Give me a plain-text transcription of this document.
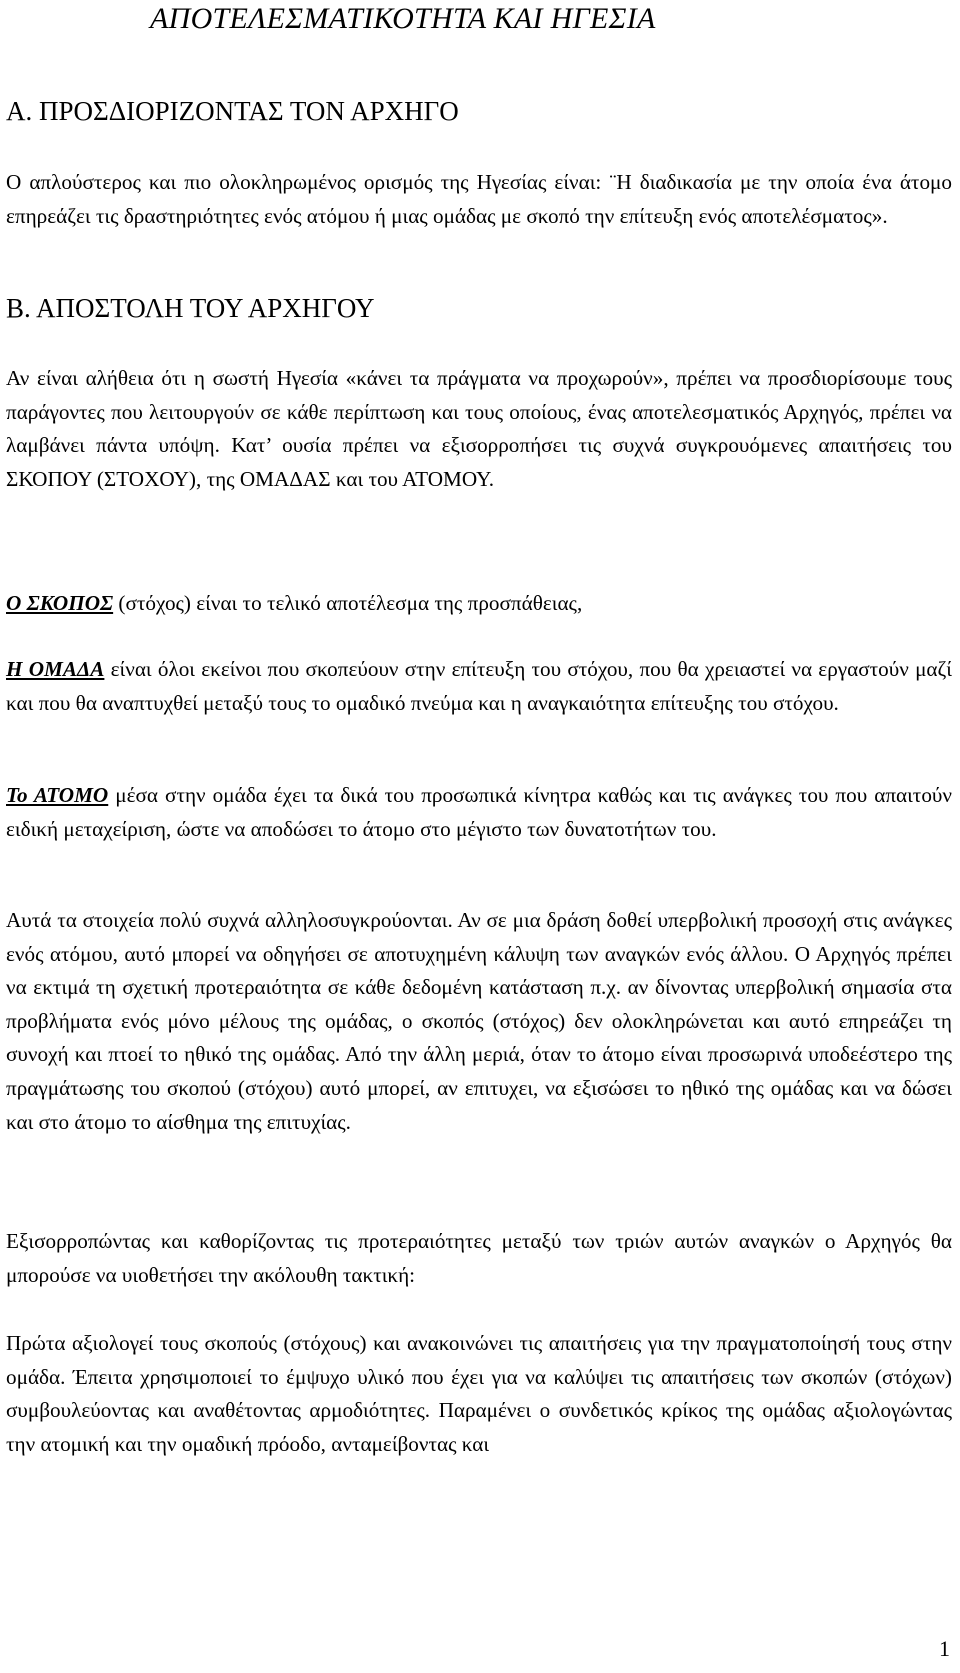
ΑΠΟΤΕΛΕΣΜΑΤΙΚΟΤΗΤΑ ΚΑΙ ΗΓΕΣΙΑ
Α. ΠΡΟΣΔΙΟΡΙΖΟΝΤΑΣ ΤΟΝ ΑΡΧΗΓΟ

Ο απλούστερος και πιο ολοκληρωμένος ορισμός της Ηγεσίας είναι: ¨Η διαδικασία με την οποία ένα άτομο επηρεάζει τις δραστηριότητες ενός ατόμου ή μιας ομάδας με σκοπό την επίτευξη ενός αποτελέσματος».

Β. ΑΠΟΣΤΟΛΗ ΤΟΥ ΑΡΧΗΓΟΥ

Αν είναι αλήθεια ότι η σωστή Ηγεσία «κάνει τα πράγματα να προχωρούν», πρέπει να προσδιορίσουμε τους παράγοντες που λειτουργούν σε κάθε περίπτωση και τους οποίους, ένας αποτελεσματικός Αρχηγός, πρέπει να λαμβάνει πάντα υπόψη. Κατ’ ουσία πρέπει να εξισορροπήσει τις συχνά συγκρουόμενες απαιτήσεις του ΣΚΟΠΟΥ (ΣΤΟΧΟΥ), της ΟΜΑΔΑΣ και του ΑΤΟΜΟΥ.

Ο ΣΚΟΠΟΣ (στόχος) είναι το τελικό αποτέλεσμα της προσπάθειας,

Η ΟΜΑΔΑ είναι όλοι εκείνοι που σκοπεύουν στην επίτευξη του στόχου, που θα χρειαστεί να εργαστούν μαζί και που θα αναπτυχθεί μεταξύ τους το ομαδικό πνεύμα και η αναγκαιότητα επίτευξης του στόχου.

Το ΑΤΟΜΟ μέσα στην ομάδα έχει τα δικά του προσωπικά κίνητρα καθώς και τις ανάγκες του που απαιτούν ειδική μεταχείριση, ώστε να αποδώσει το άτομο στο μέγιστο των δυνατοτήτων του.

Αυτά τα στοιχεία πολύ συχνά αλληλοσυγκρούονται. Αν σε μια δράση δοθεί υπερβολική προσοχή στις ανάγκες ενός ατόμου, αυτό μπορεί να οδηγήσει σε αποτυχημένη κάλυψη των αναγκών ενός άλλου. Ο Αρχηγός πρέπει να εκτιμά τη σχετική προτεραιότητα σε κάθε δεδομένη κατάσταση π.χ. αν δίνοντας υπερβολική σημασία στα προβλήματα ενός μόνο μέλους της ομάδας, ο σκοπός (στόχος) δεν ολοκληρώνεται και αυτό επηρεάζει τη συνοχή και πτοεί το ηθικό της ομάδας. Από την άλλη μεριά, όταν το άτομο είναι προσωρινά υποδεέστερο της πραγμάτωσης του σκοπού (στόχου) αυτό μπορεί, αν επιτυχει, να εξισώσει το ηθικό της ομάδας και να δώσει και στο άτομο το αίσθημα της επιτυχίας.

Εξισορροπώντας και καθορίζοντας τις προτεραιότητες μεταξύ των τριών αυτών αναγκών ο Αρχηγός θα μπορούσε να υιοθετήσει την ακόλουθη τακτική:

Πρώτα αξιολογεί τους σκοπούς (στόχους) και ανακοινώνει τις απαιτήσεις για την πραγματοποίησή τους στην ομάδα. Έπειτα χρησιμοποιεί το έμψυχο υλικό που έχει για να καλύψει τις απαιτήσεις των σκοπών (στόχων) συμβουλεύοντας και αναθέτοντας αρμοδιότητες. Παραμένει ο συνδετικός κρίκος της ομάδας αξιολογώντας την ατομική και την ομαδική πρόοδο, ανταμείβοντας και

1
